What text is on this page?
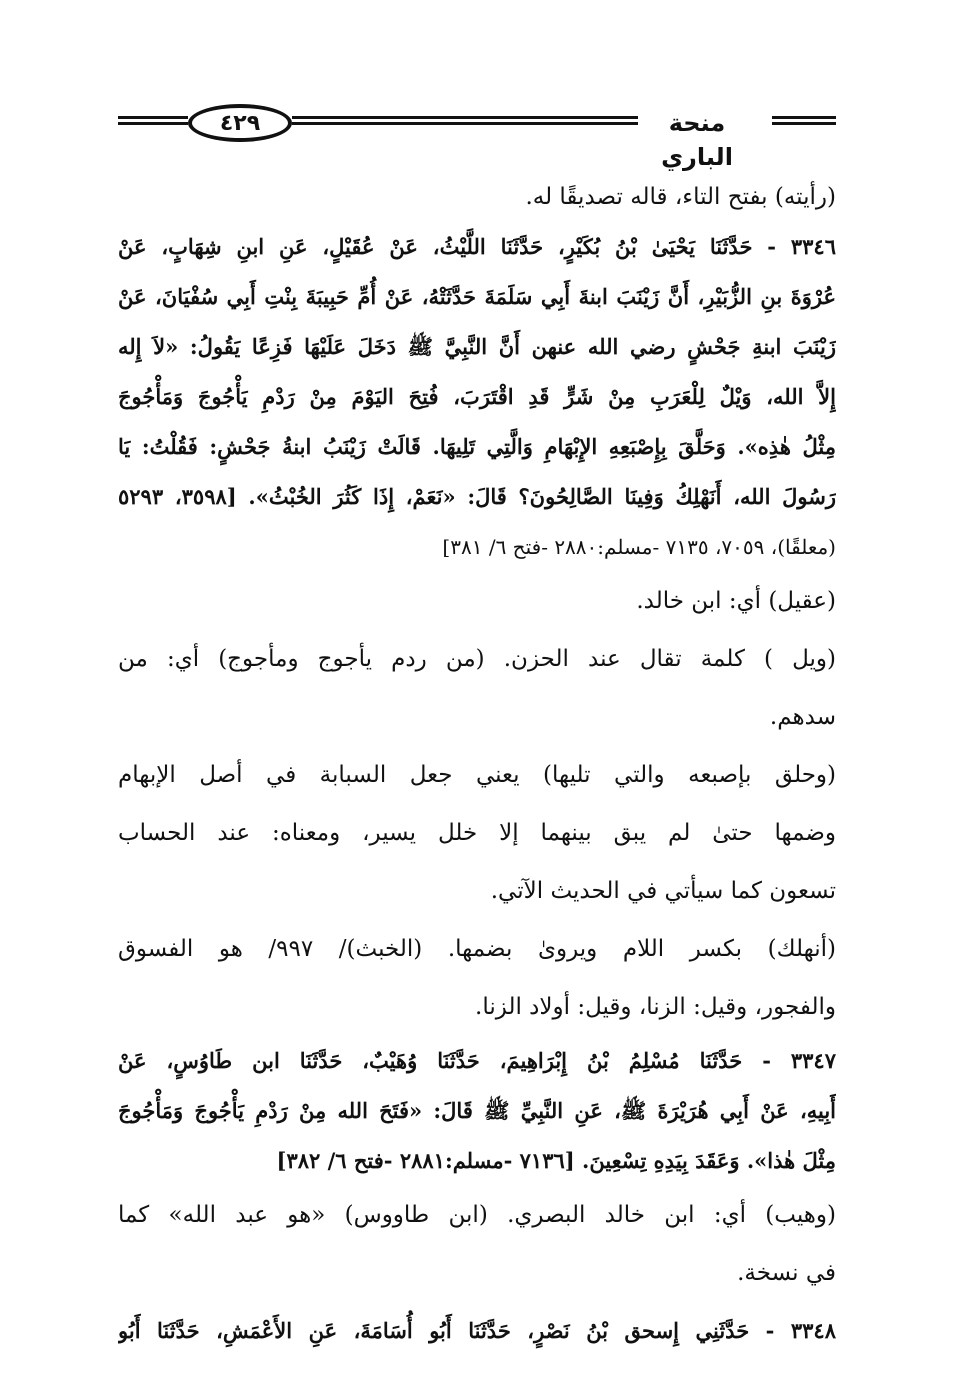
٤٢٩	منحة الباري
(رأيته) بفتح التاء، قاله تصديقًا له.
٣٣٤٦ - حَدَّثَنَا يَحْيَىٰ بْنُ بُكَيْرٍ، حَدَّثَنَا اللَّيْثُ، عَنْ عُقَيْلٍ، عَنِ ابنِ شِهَابٍ، عَنْ
عُرْوَةَ بنِ الزُّبَيْرِ، أَنَّ زَيْنَبَ ابنةَ أَبِي سَلَمَةَ حَدَّثَتْهُ، عَنْ أُمِّ حَبِيبَةَ بِنْتِ أَبِي سُفْيَانَ، عَنْ
زَيْنَبَ ابنةِ جَحْشٍ رضي الله عنهن أَنَّ النَّبِيَّ ﷺ دَخَلَ عَلَيْهَا فَزِعًا يَقُولُ: «لاَ إِله
إِلاَّ الله، وَيْلٌ لِلْعَرَبِ مِنْ شَرٍّ قَدِ اقْتَرَبَ، فُتِحَ اليَوْمَ مِنْ رَدْمِ يَأْجُوجَ وَمَأْجُوجَ
مِثْلُ هٰذِه». وَحَلَّقَ بِإِصْبَعِهِ الإِبْهَامِ وَالَّتِي تَلِيهَا. قَالَتْ زَيْنَبُ ابنةُ جَحْشٍ: فَقُلْتُ: يَا
رَسُولَ الله، أَنَهْلِكُ وَفِينَا الصَّالِحُونَ؟ قَالَ: «نَعَمْ، إِذَا كَثُرَ الخُبْثُ». [٣٥٩٨، ٥٢٩٣
(معلقًا)، ٧٠٥٩، ٧١٣٥ -مسلم:٢٨٨٠ -فتح ٦/ ٣٨١]
(عقيل) أي: ابن خالد.
(ويل ) كلمة تقال عند الحزن. (من ردم يأجوج ومأجوج) أي: من
سدهم.
(وحلق بإصبعه والتي تليها) يعني جعل السبابة في أصل الإبهام
وضمها حتىٰ لم يبق بينهما إلا خلل يسير، ومعناه: عند الحساب
تسعون كما سيأتي في الحديث الآتي.
(أنهلك) بكسر اللام ويروىٰ بضمها. (الخبث)/ ٩٩٧/ هو الفسوق
والفجور، وقيل: الزنا، وقيل: أولاد الزنا.
٣٣٤٧ - حَدَّثَنَا مُسْلِمُ بْنُ إِبْرَاهِيمَ، حَدَّثَنَا وُهَيْبٌ، حَدَّثَنَا ابن طَاوُسٍ، عَنْ
أَبِيهِ، عَنْ أَبِي هُرَيْرَةَ ﷺ، عَنِ النَّبِيِّ ﷺ قَالَ: «فَتَحَ الله مِنْ رَدْمِ يَأْجُوجَ وَمَأْجُوجَ
مِثْلَ هٰذا». وَعَقَدَ بِيَدِهِ تِسْعِينَ. [٧١٣٦ -مسلم:٢٨٨١ -فتح ٦/ ٣٨٢]
(وهيب) أي: ابن خالد البصري. (ابن طاووس) «هو عبد الله» كما
في نسخة.
٣٣٤٨ - حَدَّثَنِي إِسحق بْنُ نَصْرٍ، حَدَّثَنَا أَبُو أُسَامَةَ، عَنِ الأَعْمَشِ، حَدَّثَنَا أَبُو
